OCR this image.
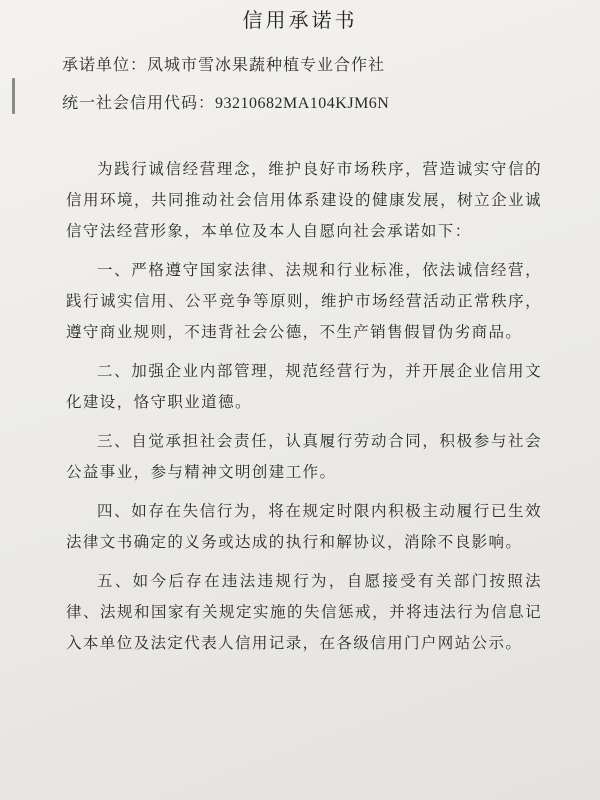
信用承诺书
承诺单位：凤城市雪冰果蔬种植专业合作社
统一社会信用代码：93210682MA104KJM6N

为践行诚信经营理念，维护良好市场秩序，营造诚实守信的信用环境，共同推动社会信用体系建设的健康发展，树立企业诚信守法经营形象，本单位及本人自愿向社会承诺如下：

一、严格遵守国家法律、法规和行业标准，依法诚信经营，践行诚实信用、公平竞争等原则，维护市场经营活动正常秩序，遵守商业规则，不违背社会公德，不生产销售假冒伪劣商品。

二、加强企业内部管理，规范经营行为，并开展企业信用文化建设，恪守职业道德。

三、自觉承担社会责任，认真履行劳动合同，积极参与社会公益事业，参与精神文明创建工作。

四、如存在失信行为，将在规定时限内积极主动履行已生效法律文书确定的义务或达成的执行和解协议，消除不良影响。

五、如今后存在违法违规行为，自愿接受有关部门按照法律、法规和国家有关规定实施的失信惩戒，并将违法行为信息记入本单位及法定代表人信用记录，在各级信用门户网站公示。
